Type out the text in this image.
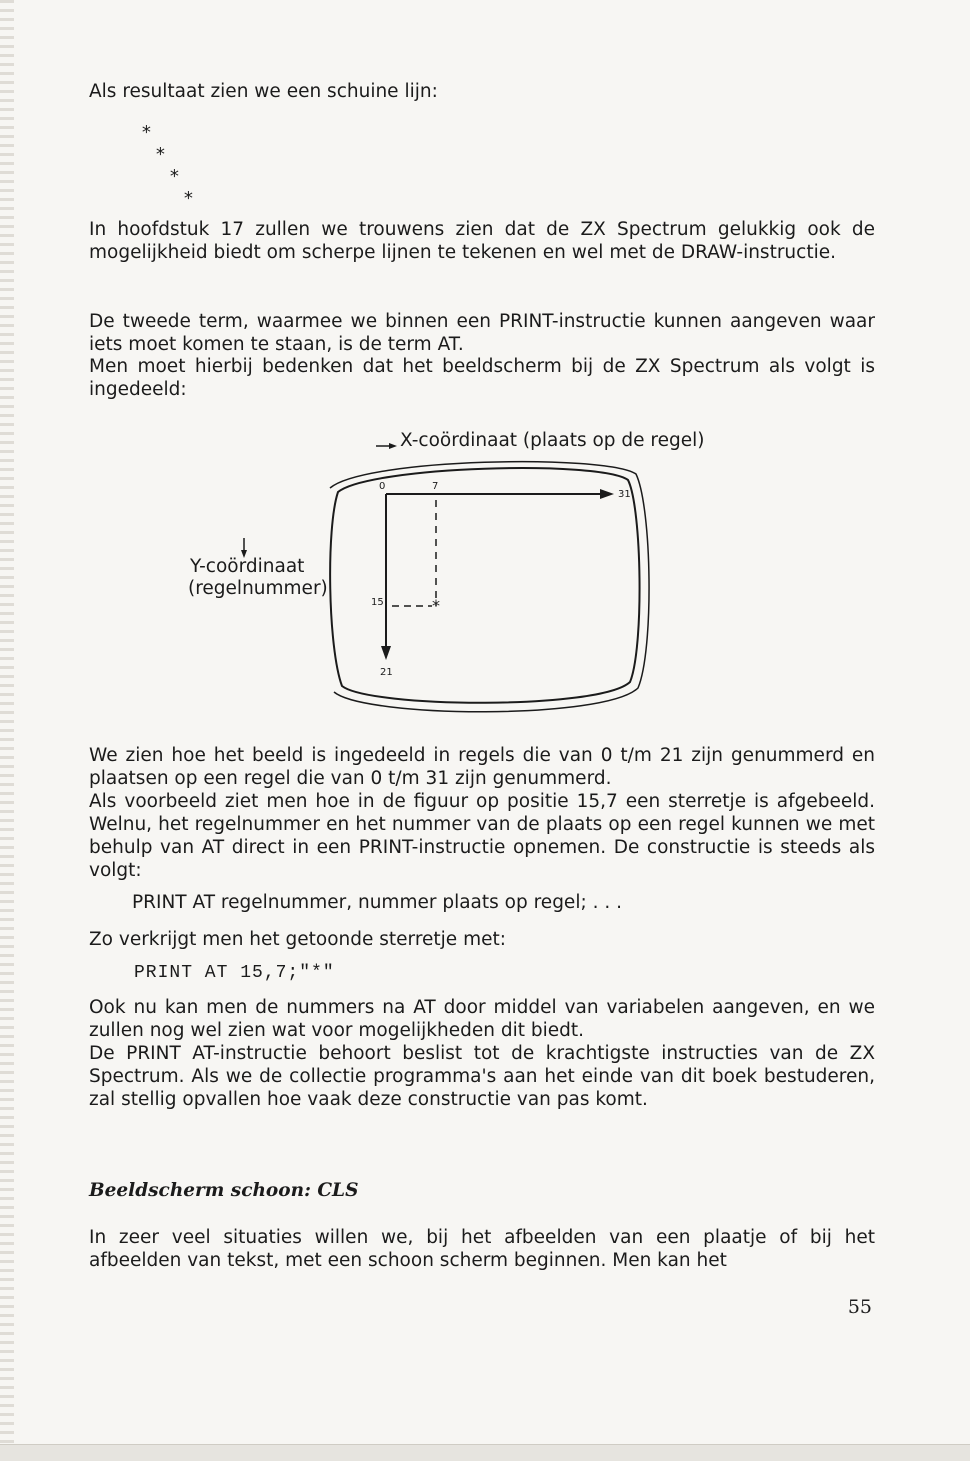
Als resultaat zien we een schuine lijn:

*
*
*
*

In hoofdstuk 17 zullen we trouwens zien dat de ZX Spectrum gelukkig ook de mogelijkheid biedt om scherpe lijnen te tekenen en wel met de DRAW-instructie.

De tweede term, waarmee we binnen een PRINT-instructie kunnen aangeven waar iets moet komen te staan, is de term AT.

Men moet hierbij bedenken dat het beeldscherm bij de ZX Spectrum als volgt is ingedeeld:

X-coördinaat (plaats op de regel)
Y-coördinaat
(regelnummer)
0	7
31
15
21
*

We zien hoe het beeld is ingedeeld in regels die van 0 t/m 21 zijn genummerd en plaatsen op een regel die van 0 t/m 31 zijn genummerd.

Als voorbeeld ziet men hoe in de figuur op positie 15,7 een sterretje is afgebeeld. Welnu, het regelnummer en het nummer van de plaats op een regel kunnen we met behulp van AT direct in een PRINT-instructie opnemen. De constructie is steeds als volgt:

PRINT AT regelnummer, nummer plaats op regel; . . .

Zo verkrijgt men het getoonde sterretje met:

PRINT AT 15,7;"*"

Ook nu kan men de nummers na AT door middel van variabelen aangeven, en we zullen nog wel zien wat voor mogelijkheden dit biedt.

De PRINT AT-instructie behoort beslist tot de krachtigste instructies van de ZX Spectrum. Als we de collectie programma's aan het einde van dit boek bestuderen, zal stellig opvallen hoe vaak deze constructie van pas komt.

Beeldscherm schoon: CLS

In zeer veel situaties willen we, bij het afbeelden van een plaatje of bij het afbeelden van tekst, met een schoon scherm beginnen. Men kan het

55
